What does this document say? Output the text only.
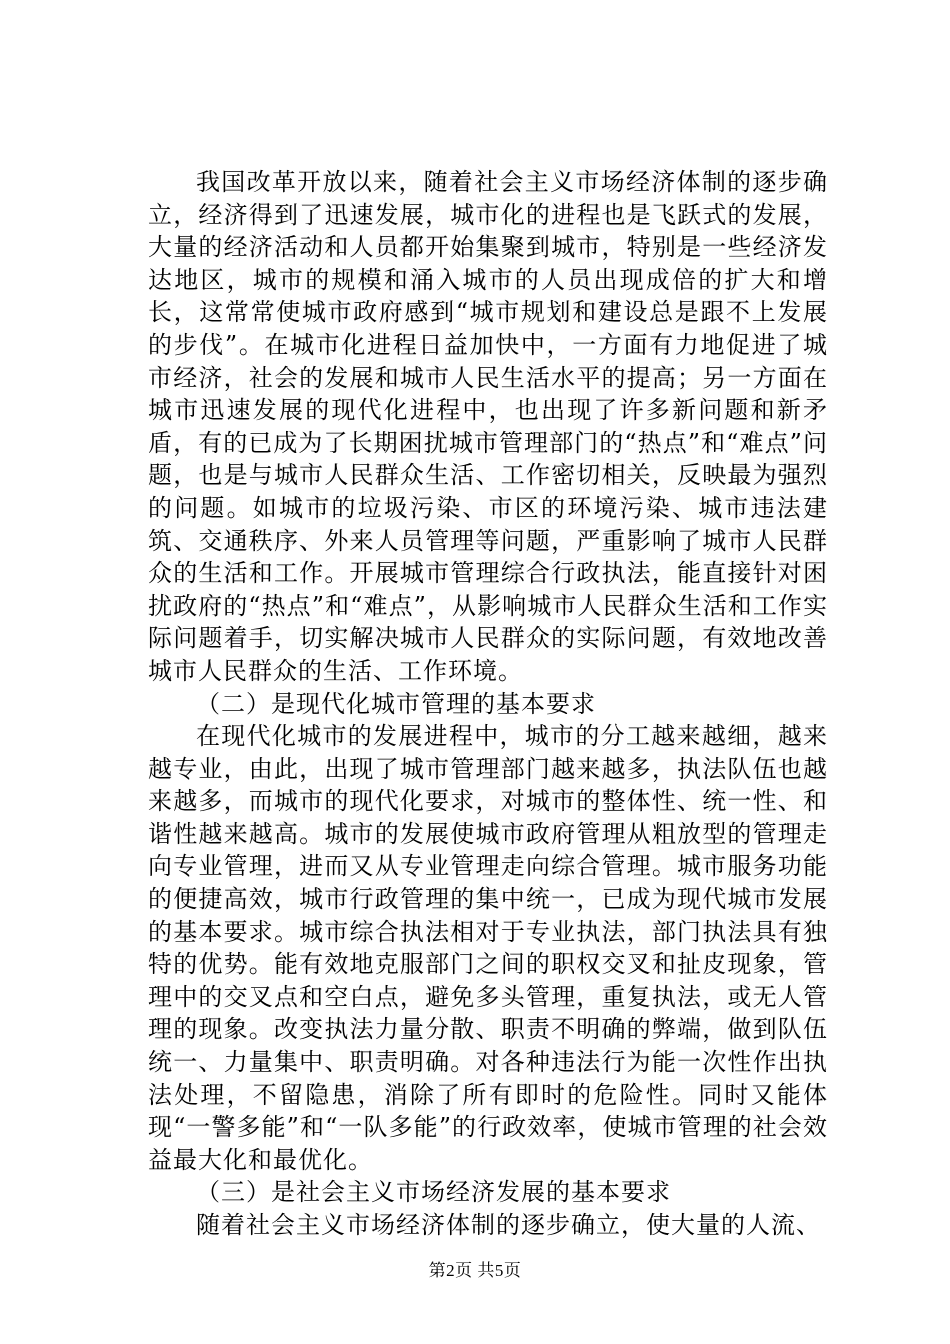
我国改革开放以来，随着社会主义市场经济体制的逐步确立，经济得到了迅速发展，城市化的进程也是飞跃式的发展，大量的经济活动和人员都开始集聚到城市，特别是一些经济发达地区，城市的规模和涌入城市的人员出现成倍的扩大和增长，这常常使城市政府感到“城市规划和建设总是跟不上发展的步伐”。在城市化进程日益加快中，一方面有力地促进了城市经济，社会的发展和城市人民生活水平的提高；另一方面在城市迅速发展的现代化进程中，也出现了许多新问题和新矛盾，有的已成为了长期困扰城市管理部门的“热点”和“难点”问题，也是与城市人民群众生活、工作密切相关，反映最为强烈的问题。如城市的垃圾污染、市区的环境污染、城市违法建筑、交通秩序、外来人员管理等问题，严重影响了城市人民群众的生活和工作。开展城市管理综合行政执法，能直接针对困扰政府的“热点”和“难点”，从影响城市人民群众生活和工作实际问题着手，切实解决城市人民群众的实际问题，有效地改善城市人民群众的生活、工作环境。

（二）是现代化城市管理的基本要求

在现代化城市的发展进程中，城市的分工越来越细，越来越专业，由此，出现了城市管理部门越来越多，执法队伍也越来越多，而城市的现代化要求，对城市的整体性、统一性、和谐性越来越高。城市的发展使城市政府管理从粗放型的管理走向专业管理，进而又从专业管理走向综合管理。城市服务功能的便捷高效，城市行政管理的集中统一，已成为现代城市发展的基本要求。城市综合执法相对于专业执法，部门执法具有独特的优势。能有效地克服部门之间的职权交叉和扯皮现象，管理中的交叉点和空白点，避免多头管理，重复执法，或无人管理的现象。改变执法力量分散、职责不明确的弊端，做到队伍统一、力量集中、职责明确。对各种违法行为能一次性作出执法处理，不留隐患，消除了所有即时的危险性。同时又能体现“一警多能”和“一队多能”的行政效率，使城市管理的社会效益最大化和最优化。

（三）是社会主义市场经济发展的基本要求

随着社会主义市场经济体制的逐步确立，使大量的人流、

第2页 共5页
